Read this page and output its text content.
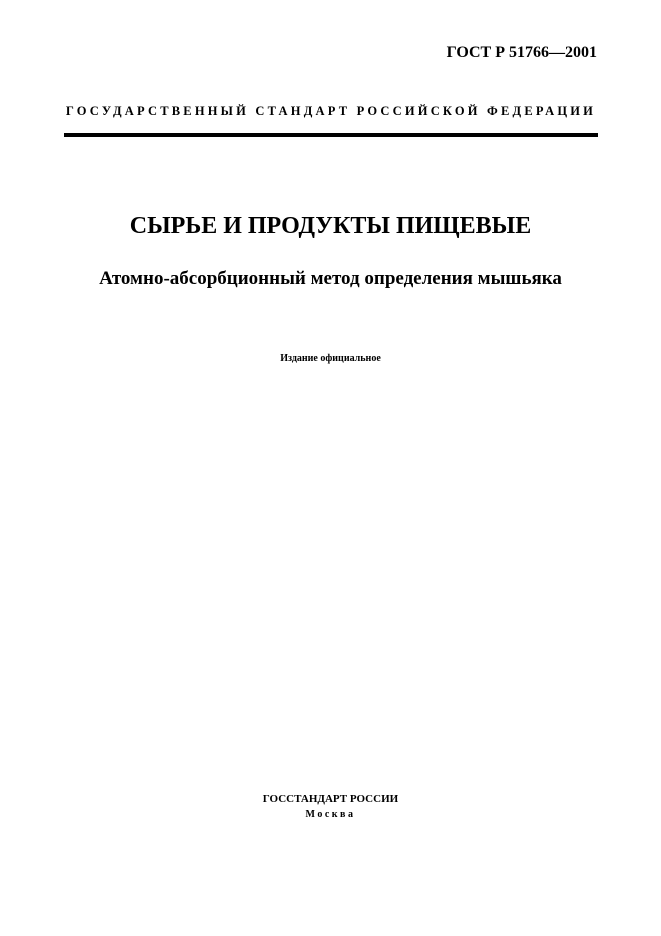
ГОСТ Р 51766—2001
ГОСУДАРСТВЕННЫЙ СТАНДАРТ РОССИЙСКОЙ ФЕДЕРАЦИИ
СЫРЬЕ И ПРОДУКТЫ ПИЩЕВЫЕ
Атомно-абсорбционный метод определения мышьяка
Издание официальное
ГОССТАНДАРТ РОССИИ
Москва
